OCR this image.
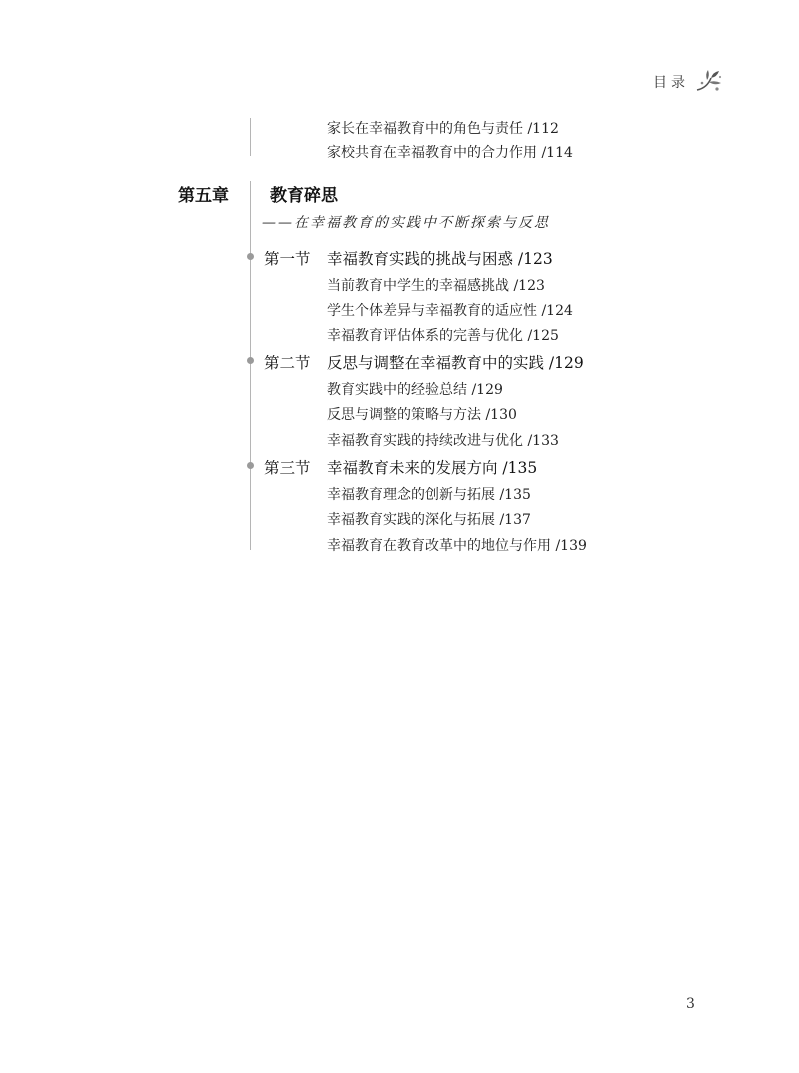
目录
家长在幸福教育中的角色与责任 /112
家校共育在幸福教育中的合力作用 /114
第五章 教育碎思
——在幸福教育的实践中不断探索与反思
第一节 幸福教育实践的挑战与困惑 /123
当前教育中学生的幸福感挑战 /123
学生个体差异与幸福教育的适应性 /124
幸福教育评估体系的完善与优化 /125
第二节 反思与调整在幸福教育中的实践 /129
教育实践中的经验总结 /129
反思与调整的策略与方法 /130
幸福教育实践的持续改进与优化 /133
第三节 幸福教育未来的发展方向 /135
幸福教育理念的创新与拓展 /135
幸福教育实践的深化与拓展 /137
幸福教育在教育改革中的地位与作用 /139
3
